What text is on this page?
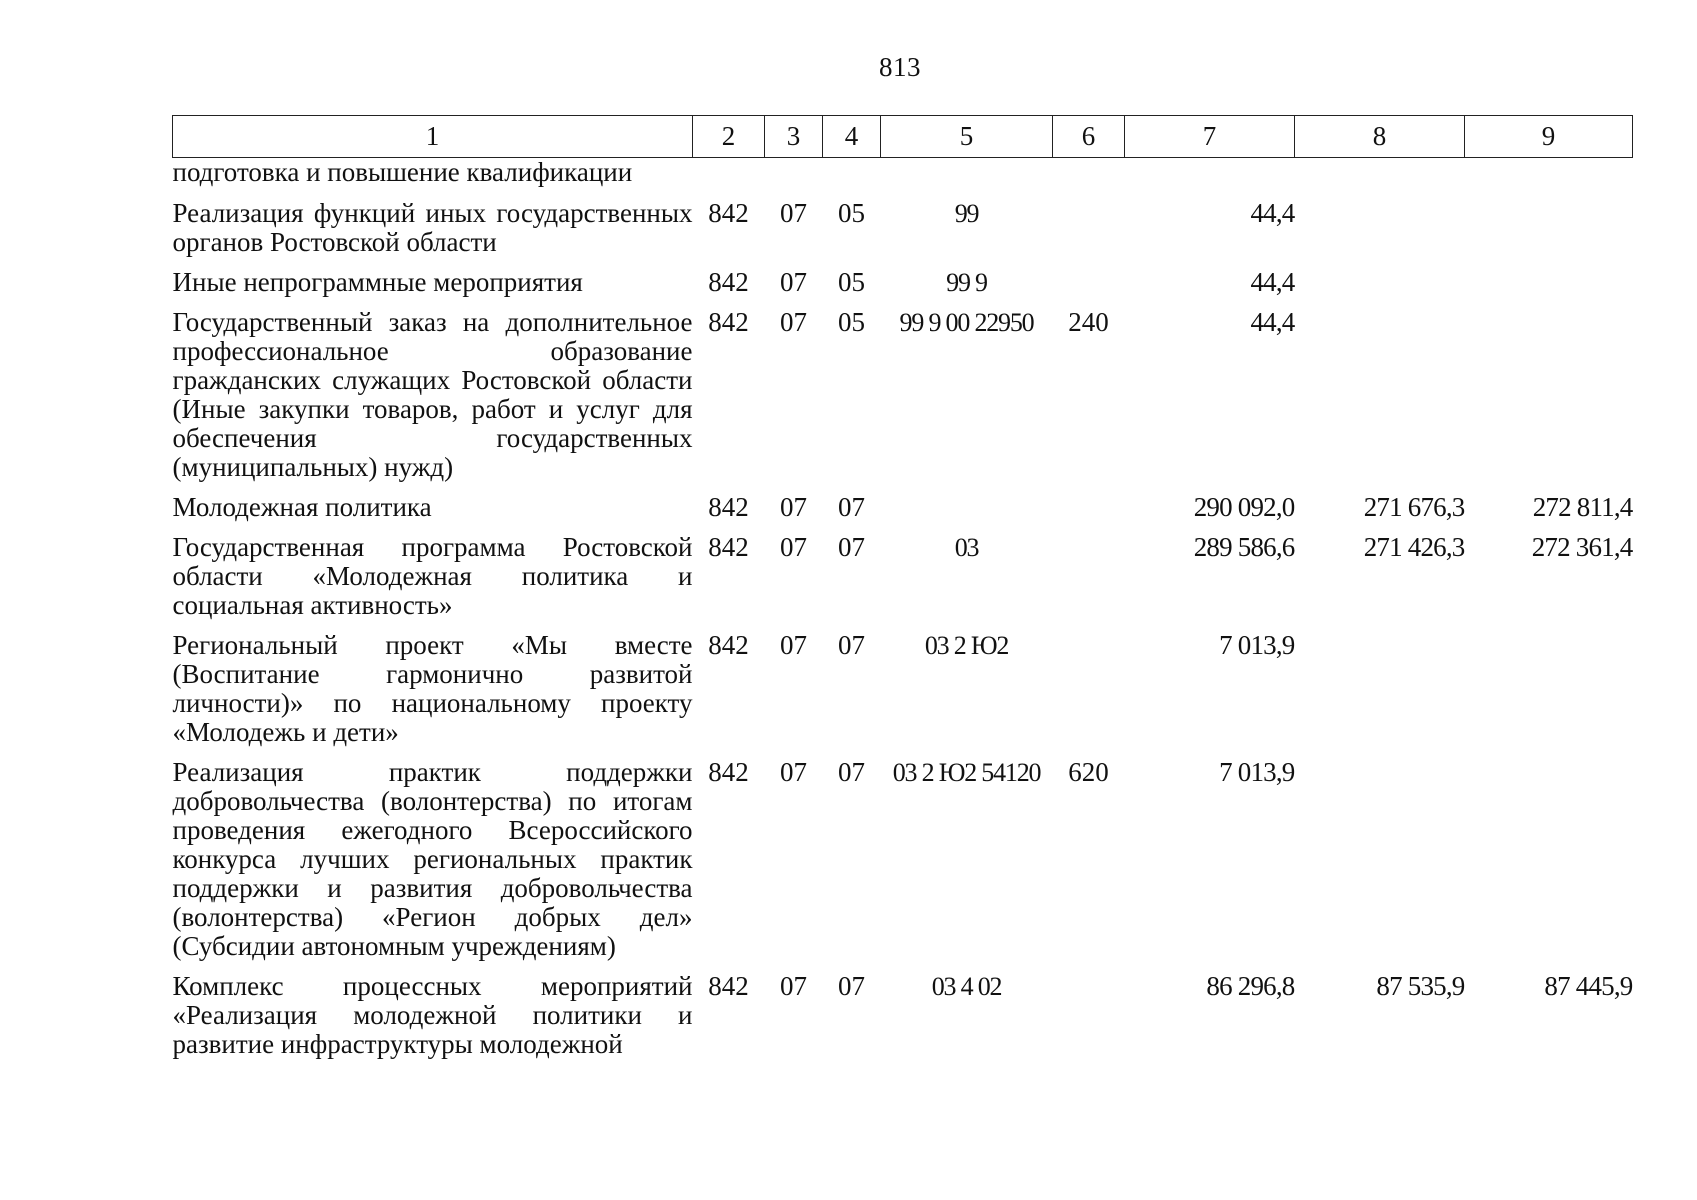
813
1	2	3	4	5	6	7	8	9
подготовка и повышение квалификации								
Реализация функций иных государственных органов Ростовской области	842	07	05	99		44,4		
Иные непрограммные мероприятия	842	07	05	99 9		44,4		
Государственный заказ на дополнительное профессиональное образование гражданских служащих Ростовской области (Иные закупки товаров, работ и услуг для обеспечения государственных (муниципальных) нужд)	842	07	05	99 9 00 22950	240	44,4		
Молодежная политика	842	07	07			290 092,0	271 676,3	272 811,4
Государственная программа Ростовской области «Молодежная политика и социальная активность»	842	07	07	03		289 586,6	271 426,3	272 361,4
Региональный проект «Мы вместе (Воспитание гармонично развитой личности)» по национальному проекту «Молодежь и дети»	842	07	07	03 2 Ю2		7 013,9		
Реализация практик поддержки добровольчества (волонтерства) по итогам проведения ежегодного Всероссийского конкурса лучших региональных практик поддержки и развития добровольчества (волонтерства) «Регион добрых дел» (Субсидии автономным учреждениям)	842	07	07	03 2 Ю2 54120	620	7 013,9		
Комплекс процессных мероприятий «Реализация молодежной политики и развитие инфраструктуры молодежной	842	07	07	03 4 02		86 296,8	87 535,9	87 445,9
